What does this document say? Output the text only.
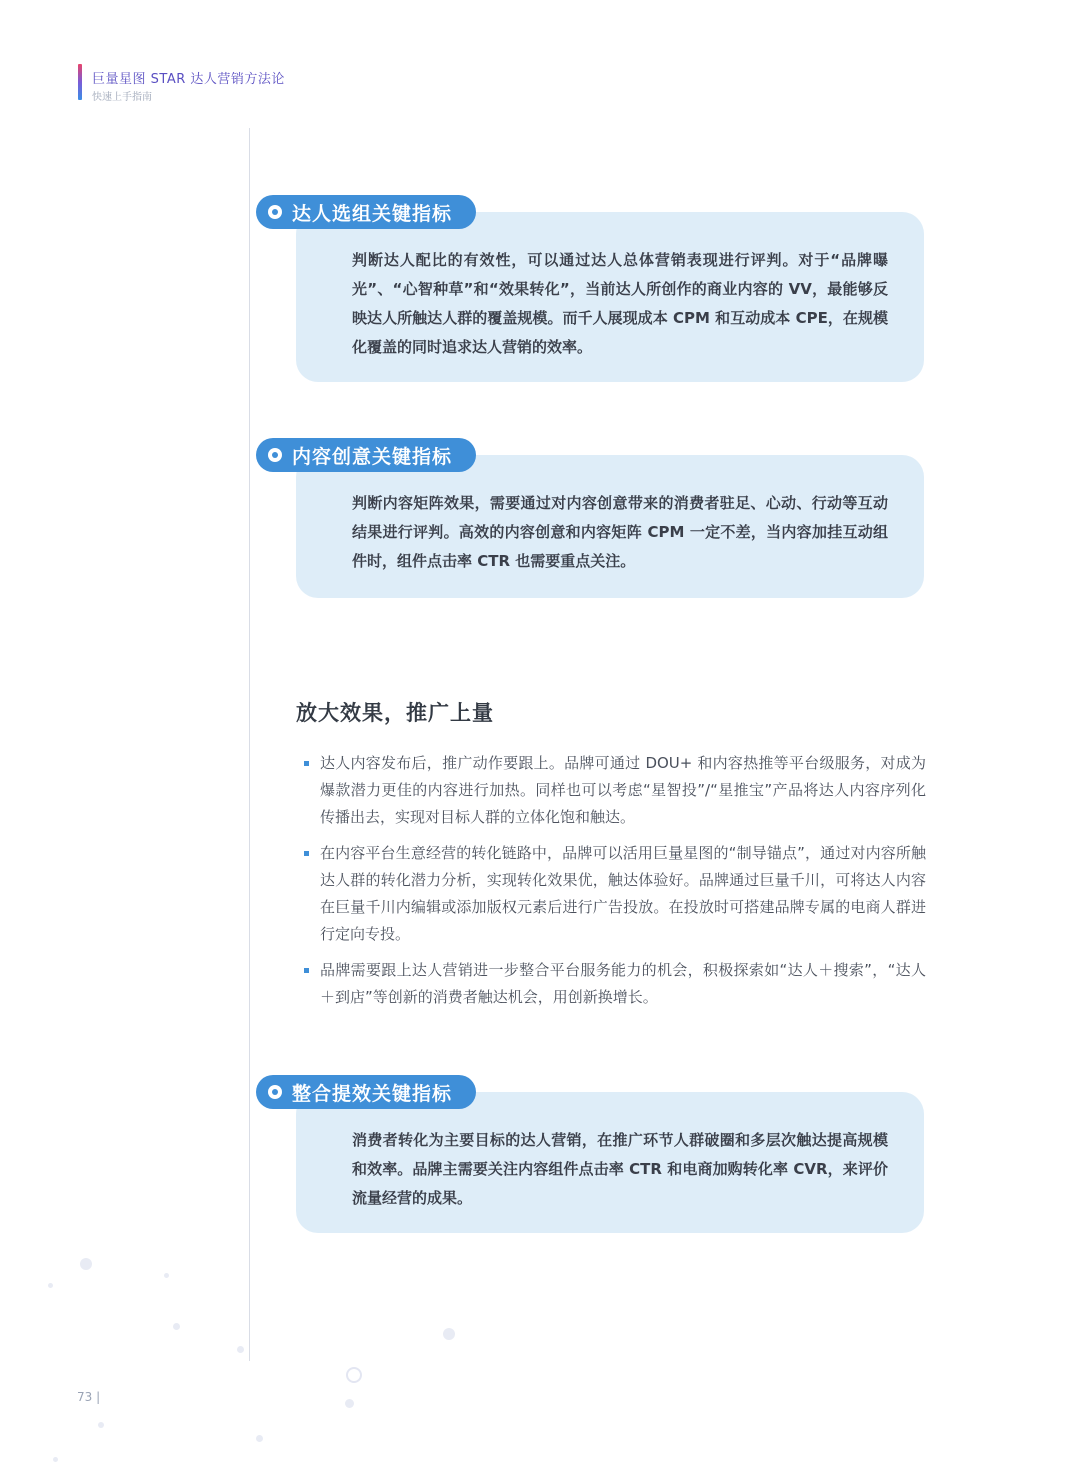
巨量星图 STAR 达人营销方法论
快速上手指南
达人选组关键指标
判断达人配比的有效性，可以通过达人总体营销表现进行评判。对于“品牌曝光”、“心智种草”和“效果转化”，当前达人所创作的商业内容的 VV，最能够反映达人所触达人群的覆盖规模。而千人展现成本 CPM 和互动成本 CPE，在规模化覆盖的同时追求达人营销的效率。
内容创意关键指标
判断内容矩阵效果，需要通过对内容创意带来的消费者驻足、心动、行动等互动结果进行评判。高效的内容创意和内容矩阵 CPM 一定不差，当内容加挂互动组件时，组件点击率 CTR 也需要重点关注。
放大效果，推广上量
达人内容发布后，推广动作要跟上。品牌可通过 DOU+ 和内容热推等平台级服务，对成为爆款潜力更佳的内容进行加热。同样也可以考虑“星智投”/“星推宝”产品将达人内容序列化传播出去，实现对目标人群的立体化饱和触达。
在内容平台生意经营的转化链路中，品牌可以活用巨量星图的“制导锚点”，通过对内容所触达人群的转化潜力分析，实现转化效果优，触达体验好。品牌通过巨量千川，可将达人内容在巨量千川内编辑或添加版权元素后进行广告投放。在投放时可搭建品牌专属的电商人群进行定向专投。
品牌需要跟上达人营销进一步整合平台服务能力的机会，积极探索如“达人＋搜索”，“达人＋到店”等创新的消费者触达机会，用创新换增长。
整合提效关键指标
消费者转化为主要目标的达人营销，在推广环节人群破圈和多层次触达提高规模和效率。品牌主需要关注内容组件点击率 CTR 和电商加购转化率 CVR，来评价流量经营的成果。
73 |
